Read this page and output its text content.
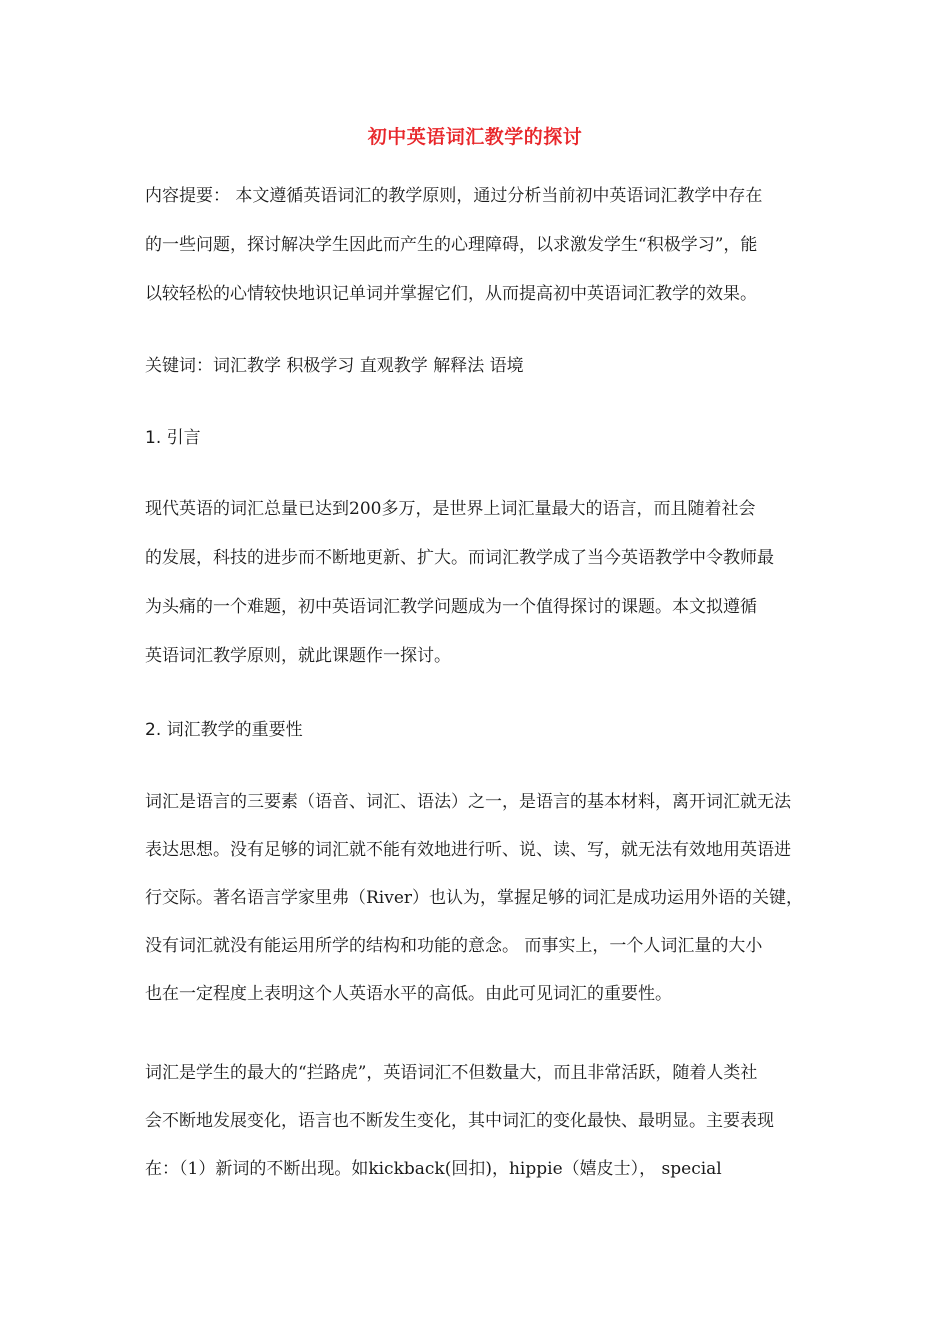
初中英语词汇教学的探讨
内容提要： 本文遵循英语词汇的教学原则，通过分析当前初中英语词汇教学中存在
的一些问题，探讨解决学生因此而产生的心理障碍，以求激发学生“积极学习”，能
以较轻松的心情较快地识记单词并掌握它们，从而提高初中英语词汇教学的效果。
关键词：词汇教学 积极学习 直观教学 解释法 语境
1. 引言
现代英语的词汇总量已达到200多万，是世界上词汇量最大的语言，而且随着社会
的发展，科技的进步而不断地更新、扩大。而词汇教学成了当今英语教学中令教师最
为头痛的一个难题，初中英语词汇教学问题成为一个值得探讨的课题。本文拟遵循
英语词汇教学原则，就此课题作一探讨。
2. 词汇教学的重要性
词汇是语言的三要素（语音、词汇、语法）之一，是语言的基本材料，离开词汇就无法
表达思想。没有足够的词汇就不能有效地进行听、说、读、写，就无法有效地用英语进
行交际。著名语言学家里弗（River）也认为，掌握足够的词汇是成功运用外语的关键，
没有词汇就没有能运用所学的结构和功能的意念。 而事实上，一个人词汇量的大小
也在一定程度上表明这个人英语水平的高低。由此可见词汇的重要性。
词汇是学生的最大的“拦路虎”，英语词汇不但数量大，而且非常活跃，随着人类社
会不断地发展变化，语言也不断发生变化，其中词汇的变化最快、最明显。主要表现
在：（1）新词的不断出现。如kickback(回扣)，hippie（嬉皮士）， special
